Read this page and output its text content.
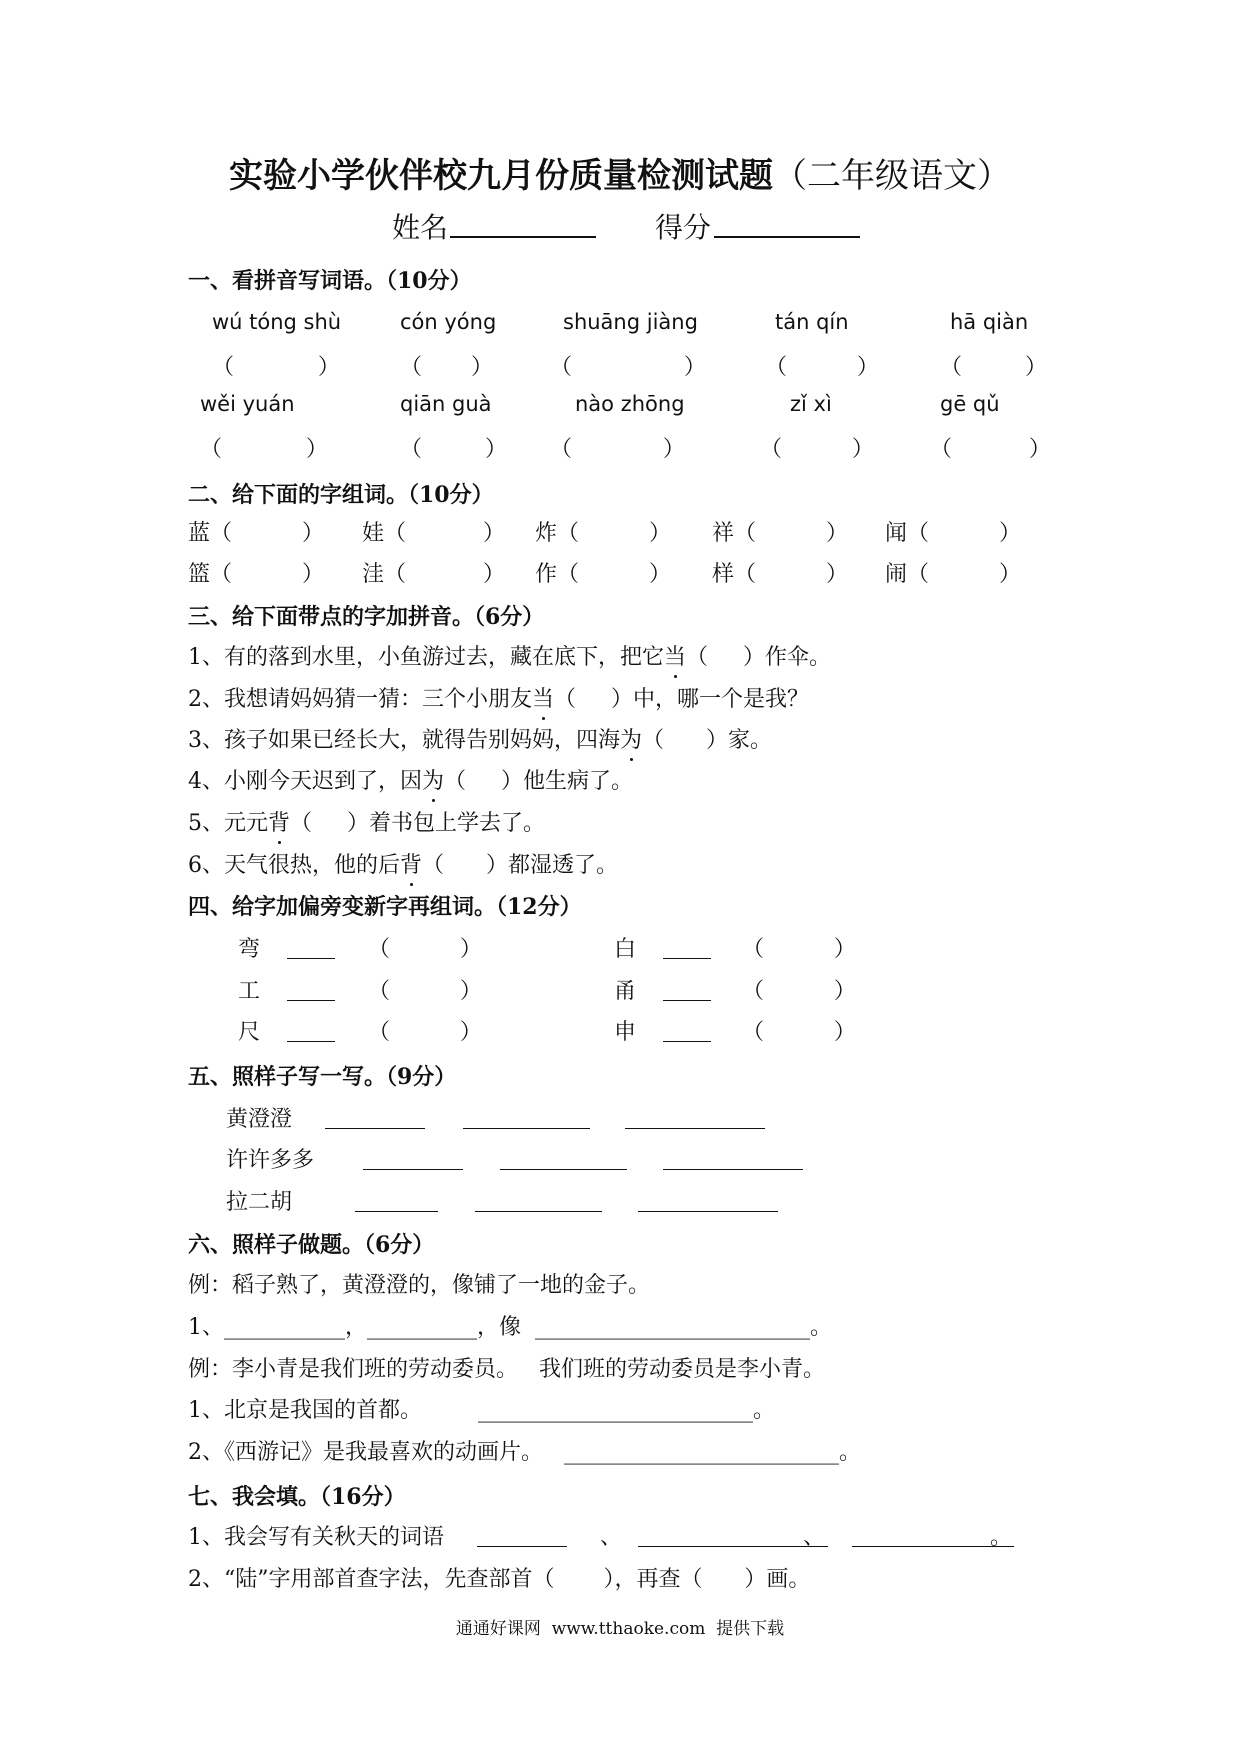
实验小学伙伴校九月份质量检测试题（二年级语文）
姓名	得分
一、看拼音写词语。（10分）
wú tóng shù	cón yóng	shuāng jiàng	tán qín	hā qiàn
（            ）	（       ）	（                ）	（          ）	（         ）
wěi yuán	qiān guà	nào zhōng	zǐ xì	gē qǔ
（            ）	（         ） （             ）	（          ）	（           ）
二、给下面的字组词。（10分）
蓝（          ） 娃（           ） 炸（          ） 祥（          ） 闻（          ）
篮（          ） 洼（           ） 作（          ） 样（          ） 闹（          ）
三、给下面带点的字加拼音。（6分）
1、有的落到水里，小鱼游过去，藏在底下，把它当（     ）作伞。
2、我想请妈妈猜一猜：三个小朋友当（     ）中，哪一个是我？
3、孩子如果已经长大，就得告别妈妈，四海为（      ）家。
4、小刚今天迟到了，因为（     ）他生病了。
5、元元背（     ）着书包上学去了。
6、天气很热，他的后背（      ）都湿透了。
四、给字加偏旁变新字再组词。（12分）
弯	（          ）	白	（          ）
工	（          ）	甬	（          ）
尺	（          ）	申	（          ）
五、照样子写一写。（9分）
黄澄澄
许许多多
拉二胡
六、照样子做题。（6分）
例：稻子熟了，黄澄澄的，像铺了一地的金子。
1、___________，__________，像  _________________________。
例：李小青是我们班的劳动委员。   我们班的劳动委员是李小青。
1、北京是我国的首都。        _________________________。
2、《西游记》是我最喜欢的动画片。   _________________________。
七、我会填。（16分）
1、我会写有关秋天的词语	、	、	。
2、“陆”字用部首查字法，先查部首（       ），再查（      ）画。
通通好课网  www.tthaoke.com  提供下载
